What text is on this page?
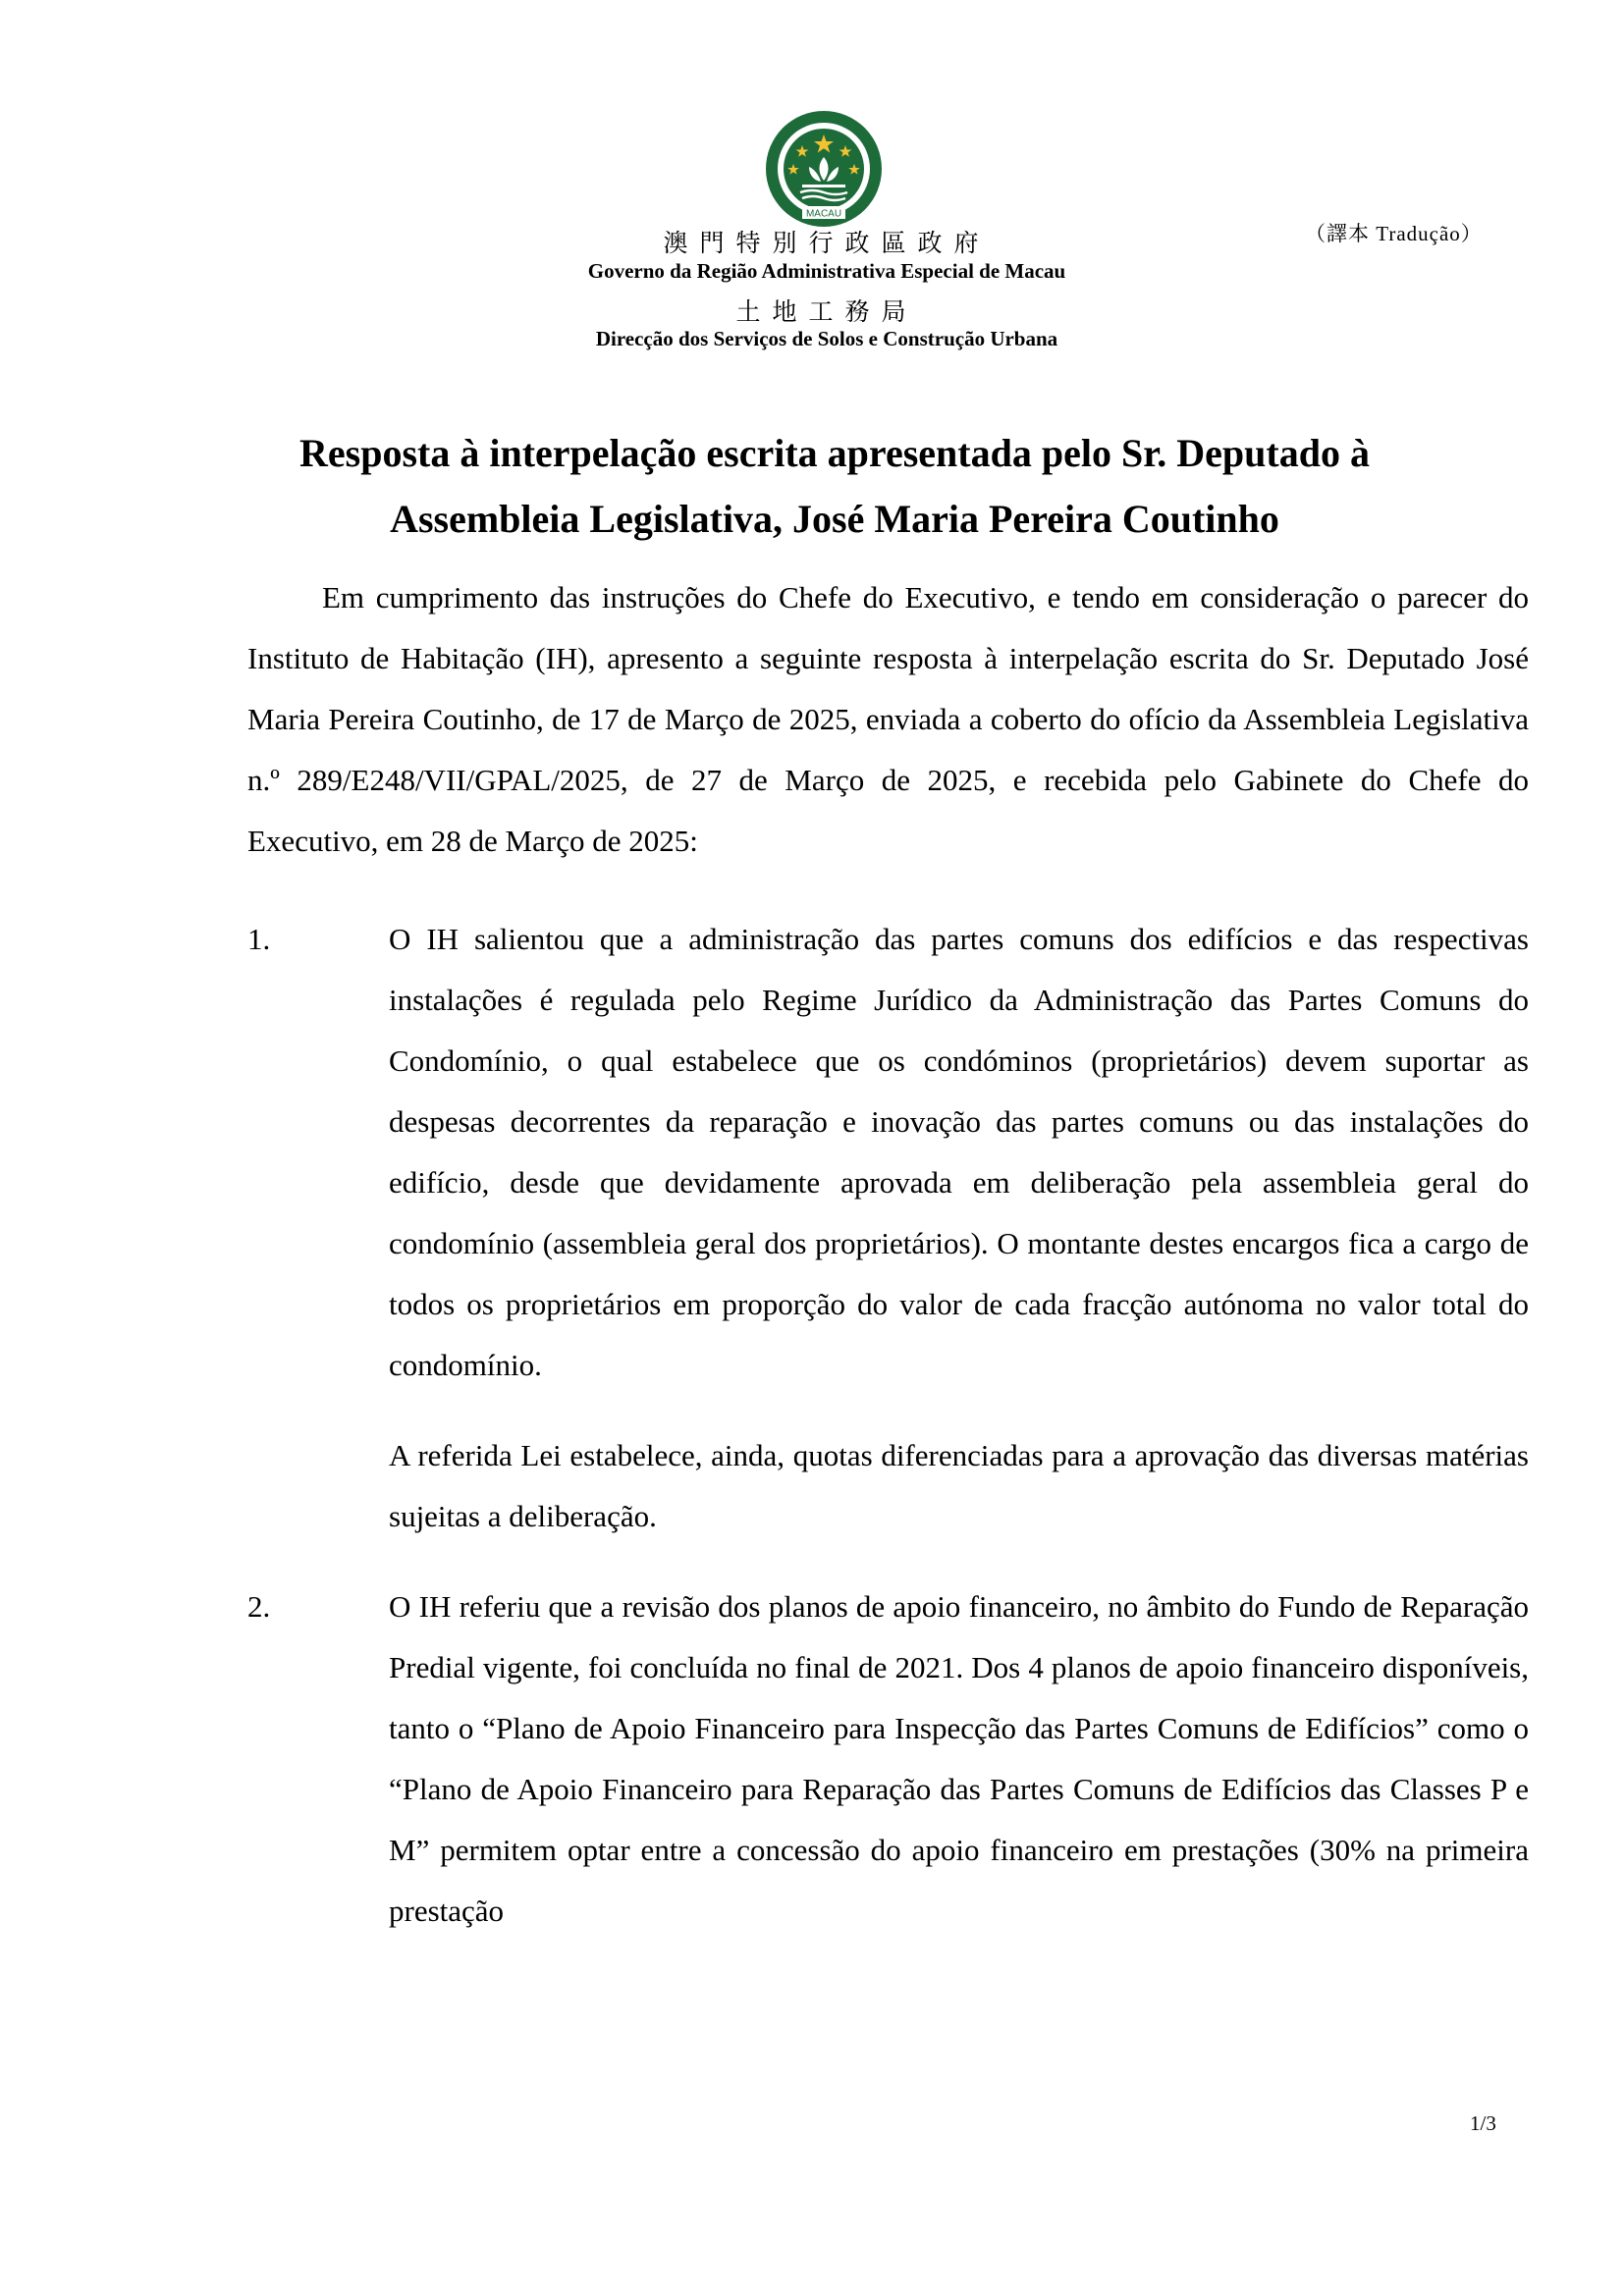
MACAU
（譯本 Tradução）
澳門特別行政區政府
Governo da Região Administrativa Especial de Macau
土地工務局
Direcção dos Serviços de Solos e Construção Urbana
Resposta à interpelação escrita apresentada pelo Sr. Deputado à
Assembleia Legislativa, José Maria Pereira Coutinho

Em cumprimento das instruções do Chefe do Executivo, e tendo em consideração o parecer do Instituto de Habitação (IH), apresento a seguinte resposta à interpelação escrita do Sr. Deputado José Maria Pereira Coutinho, de 17 de Março de 2025, enviada a coberto do ofício da Assembleia Legislativa n.º 289/E248/VII/GPAL/2025, de 27 de Março de 2025, e recebida pelo Gabinete do Chefe do Executivo, em 28 de Março de 2025:

1.	O IH salientou que a administração das partes comuns dos edifícios e das respectivas instalações é regulada pelo Regime Jurídico da Administração das Partes Comuns do Condomínio, o qual estabelece que os condóminos (proprietários) devem suportar as despesas decorrentes da reparação e inovação das partes comuns ou das instalações do edifício, desde que devidamente aprovada em deliberação pela assembleia geral do condomínio (assembleia geral dos proprietários). O montante destes encargos fica a cargo de todos os proprietários em proporção do valor de cada fracção autónoma no valor total do condomínio.

A referida Lei estabelece, ainda, quotas diferenciadas para a aprovação das diversas matérias sujeitas a deliberação.

2.	O IH referiu que a revisão dos planos de apoio financeiro, no âmbito do Fundo de Reparação Predial vigente, foi concluída no final de 2021. Dos 4 planos de apoio financeiro disponíveis, tanto o “Plano de Apoio Financeiro para Inspecção das Partes Comuns de Edifícios” como o “Plano de Apoio Financeiro para Reparação das Partes Comuns de Edifícios das Classes P e M” permitem optar entre a concessão do apoio financeiro em prestações (30% na primeira prestação

1/3
